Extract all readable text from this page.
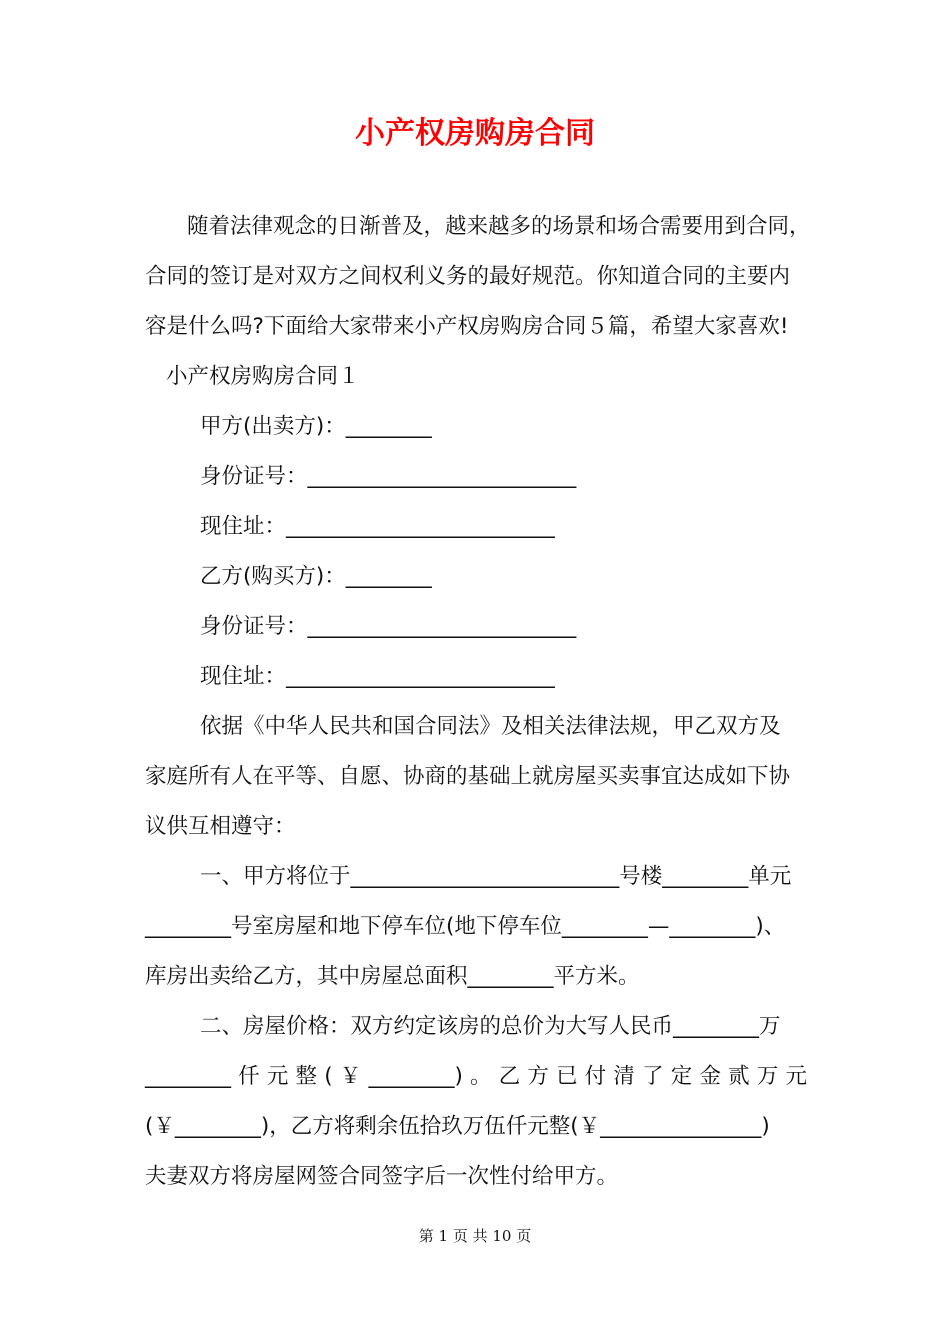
小产权房购房合同
随着法律观念的日渐普及，越来越多的场景和场合需要用到合同，
合同的签订是对双方之间权利义务的最好规范。你知道合同的主要内
容是什么吗?下面给大家带来小产权房购房合同５篇，希望大家喜欢!
小产权房购房合同１
甲方(出卖方)：________
身份证号：_________________________
现住址：_________________________
乙方(购买方)：________
身份证号：_________________________
现住址：_________________________
依据《中华人民共和国合同法》及相关法律法规，甲乙双方及
家庭所有人在平等、自愿、协商的基础上就房屋买卖事宜达成如下协
议供互相遵守：
一、甲方将位于_________________________号楼________单元
________号室房屋和地下停车位(地下停车位________—________)、
库房出卖给乙方，其中房屋总面积________平方米。
二、房屋价格：双方约定该房的总价为大写人民币________万
________仟元整(￥________)。乙方已付清了定金贰万元
(￥________)，乙方将剩余伍拾玖万伍仟元整(￥_______________)
夫妻双方将房屋网签合同签字后一次性付给甲方。
第 1 页 共 10 页
